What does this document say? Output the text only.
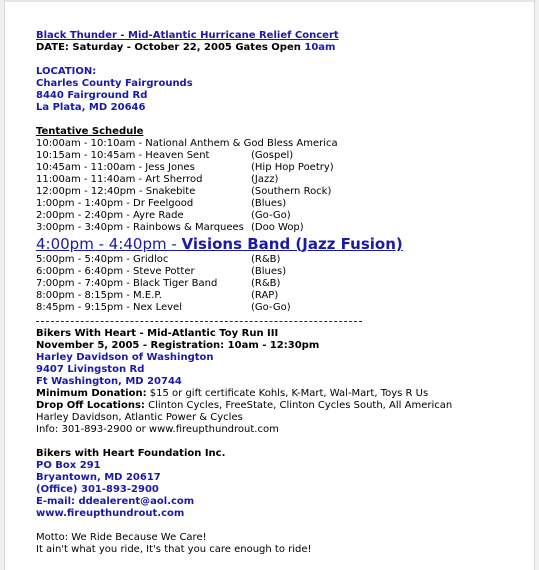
Black Thunder - Mid-Atlantic Hurricane Relief Concert
DATE: Saturday - October 22, 2005 Gates Open 10am
LOCATION:
Charles County Fairgrounds
8440 Fairground Rd
La Plata, MD 20646
Tentative Schedule
10:00am - 10:10am - National Anthem & God Bless America
10:15am - 10:45am - Heaven Sent	(Gospel)
10:45am - 11:00am - Jess Jones	(Hip Hop Poetry)
11:00am - 11:40am - Art Sherrod	(Jazz)
12:00pm - 12:40pm - Snakebite	(Southern Rock)
1:00pm - 1:40pm - Dr Feelgood	(Blues)
2:00pm - 2:40pm - Ayre Rade	(Go-Go)
3:00pm - 3:40pm - Rainbows & Marquees (Doo Wop)
4:00pm - 4:40pm - Visions Band (Jazz Fusion)
5:00pm - 5:40pm - Gridloc	(R&B)
6:00pm - 6:40pm - Steve Potter	(Blues)
7:00pm - 7:40pm - Black Tiger Band	(R&B)
8:00pm - 8:15pm - M.E.P.	(RAP)
8:45pm - 9:15pm - Nex Level	(Go-Go)
Bikers With Heart - Mid-Atlantic Toy Run III
November 5, 2005 - Registration: 10am - 12:30pm
Harley Davidson of Washington
9407 Livingston Rd
Ft Washington, MD 20744
Minimum Donation: $15 or gift certificate Kohls, K-Mart, Wal-Mart, Toys R Us
Drop Off Locations: Clinton Cycles, FreeState, Clinton Cycles South, All American
Harley Davidson, Atlantic Power & Cycles
Info: 301-893-2900 or www.fireupthundrout.com
Bikers with Heart Foundation Inc.
PO Box 291
Bryantown, MD 20617
(Office) 301-893-2900
E-mail: ddealerent@aol.com
www.fireupthundrout.com
Motto: We Ride Because We Care!
It ain't what you ride, It's that you care enough to ride!
